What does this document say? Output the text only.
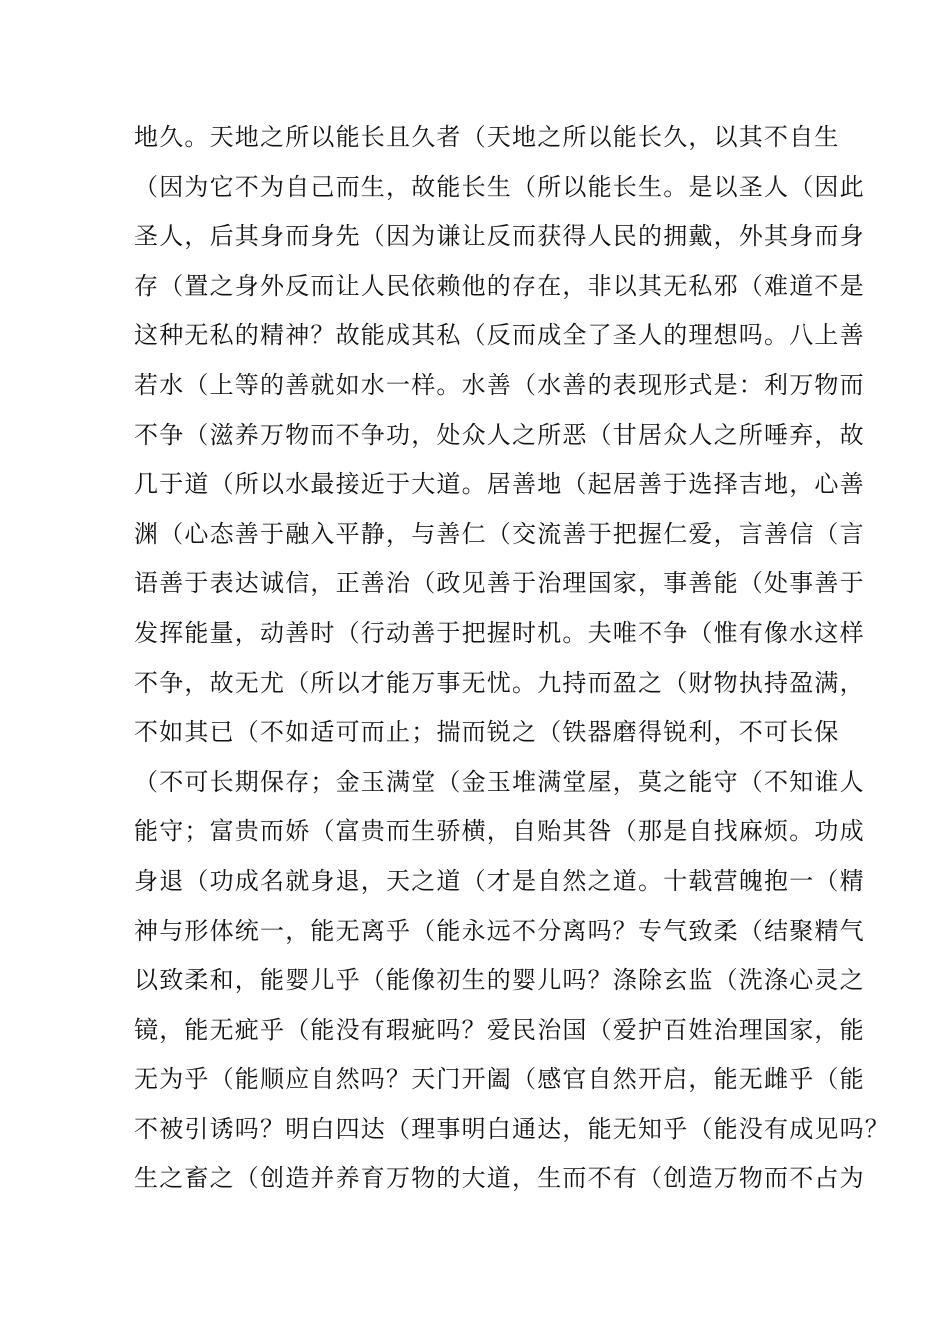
地久。天地之所以能长且久者（天地之所以能长久，以其不自生
（因为它不为自己而生，故能长生（所以能长生。是以圣人（因此
圣人，后其身而身先（因为谦让反而获得人民的拥戴，外其身而身
存（置之身外反而让人民依赖他的存在，非以其无私邪（难道不是
这种无私的精神？故能成其私（反而成全了圣人的理想吗。八上善
若水（上等的善就如水一样。水善（水善的表现形式是：利万物而
不争（滋养万物而不争功，处众人之所恶（甘居众人之所唾弃，故
几于道（所以水最接近于大道。居善地（起居善于选择吉地，心善
渊（心态善于融入平静，与善仁（交流善于把握仁爱，言善信（言
语善于表达诚信，正善治（政见善于治理国家，事善能（处事善于
发挥能量，动善时（行动善于把握时机。夫唯不争（惟有像水这样
不争，故无尤（所以才能万事无忧。九持而盈之（财物执持盈满，
不如其已（不如适可而止；揣而锐之（铁器磨得锐利，不可长保
（不可长期保存；金玉满堂（金玉堆满堂屋，莫之能守（不知谁人
能守；富贵而娇（富贵而生骄横，自贻其咎（那是自找麻烦。功成
身退（功成名就身退，天之道（才是自然之道。十载营魄抱一（精
神与形体统一，能无离乎（能永远不分离吗？专气致柔（结聚精气
以致柔和，能婴儿乎（能像初生的婴儿吗？涤除玄监（洗涤心灵之
镜，能无疵乎（能没有瑕疵吗？爱民治国（爱护百姓治理国家，能
无为乎（能顺应自然吗？天门开阖（感官自然开启，能无雌乎（能
不被引诱吗？明白四达（理事明白通达，能无知乎（能没有成见吗？
生之畜之（创造并养育万物的大道，生而不有（创造万物而不占为
